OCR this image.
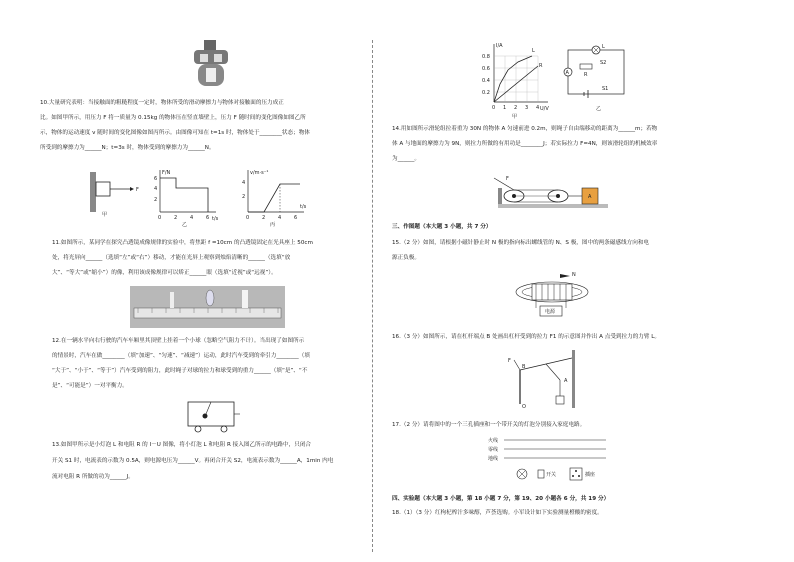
10.大量研究表明：当接触面的粗糙程度一定时，物体所受的滑动摩擦力与物体对接触面的压力成正
比。如图甲所示，用压力 F 将一质量为 0.15kg 的物体压在竖直墙壁上，压力 F 随时间的变化图像如图乙所
示，物体的运动速度 v 随时间的变化图像如图丙所示。由图像可知在 t=1s 时，物体处于________状态；物体
所受到的摩擦力为______N；t=3s 时，物体受到的摩擦力为______N。
F
甲
F/N
t/s
6
4
2
0	2	4	6
乙
v/m·s⁻¹
t/s
4
2
0	2	4	6
丙
11.如图所示，某同学在探究凸透镜成像规律的实验中，将焦距 f =10cm 的凸透镜固定在光具座上 50cm
处，将光屏向______（选填“左”或“右”）移动，才能在光屏上观察到烛焰清晰的______（选填“放
大”、“等大”或“缩小”）的像，利用该成像规律可以矫正______眼（选填“近视”或“远视”）。
12.在一辆水平向右行驶的汽车车厢里其顶壁上挂着一个小球（忽略空气阻力不计）。当出现了如图所示
的情景时，汽车在做________（填“加速”、“匀速”、“减速”）运动，此时汽车受到的牵引力________（填
“大于”、“小于”、“等于”）汽车受到的阻力，此时绳子对球的拉力和球受到的重力______（填“是”、“不
是”、“可能是”）一对平衡力。
13.如图甲所示是小灯泡 L 和电阻 R 的 I－U 图像，将小灯泡 L 和电阻 R 接入图乙所示的电路中，只闭合
开关 S1 时，电流表的示数为 0.5A，则电源电压为______V。再闭合开关 S2，电流表示数为______A，1min 内电
流对电阻 R 所做的功为______J。
I/A
U/V
0.8
0.6
0.4
0.2
0 1 2 3 4
L
R
甲
L
R
S2
A
S1
乙
14.用如图所示滑轮组拉着重为 30N 的物体 A 匀速前进 0.2m，则绳子自由端移动的距离为______m；若物
体 A 与地面的摩擦力为 9N，则拉力所做的有用功是________J；若实际拉力 F=4N，则该滑轮组的机械效率
为______。
F
A
三、作图题（本大题 3 小题，共 7 分）
15.（2 分）如图，请根据小磁针静止时 N 极的指向标出螺线管的 N、S 极，图中的两条磁感线方向和电
源正负极。
N
电源
16.（3 分）如图所示，请在杠杆端点 B 处画出杠杆受到的拉力 F1 的示意图并作出 A 点受到拉力的力臂 L。
F
B
A
O
17.（2 分）请将图中的一个三孔插座和一个带开关的灯泡分别接入家庭电路。
火线
零线
地线
开关	插座
四、实验题（本大题 3 小题，第 18 小题 7 分，第 19、20 小题各 6 分，共 19 分）
18.（1）（3 分）红枸杞榨汁多味醇，芦荟选购。小军设计如下实验测量橙酸的密度。
